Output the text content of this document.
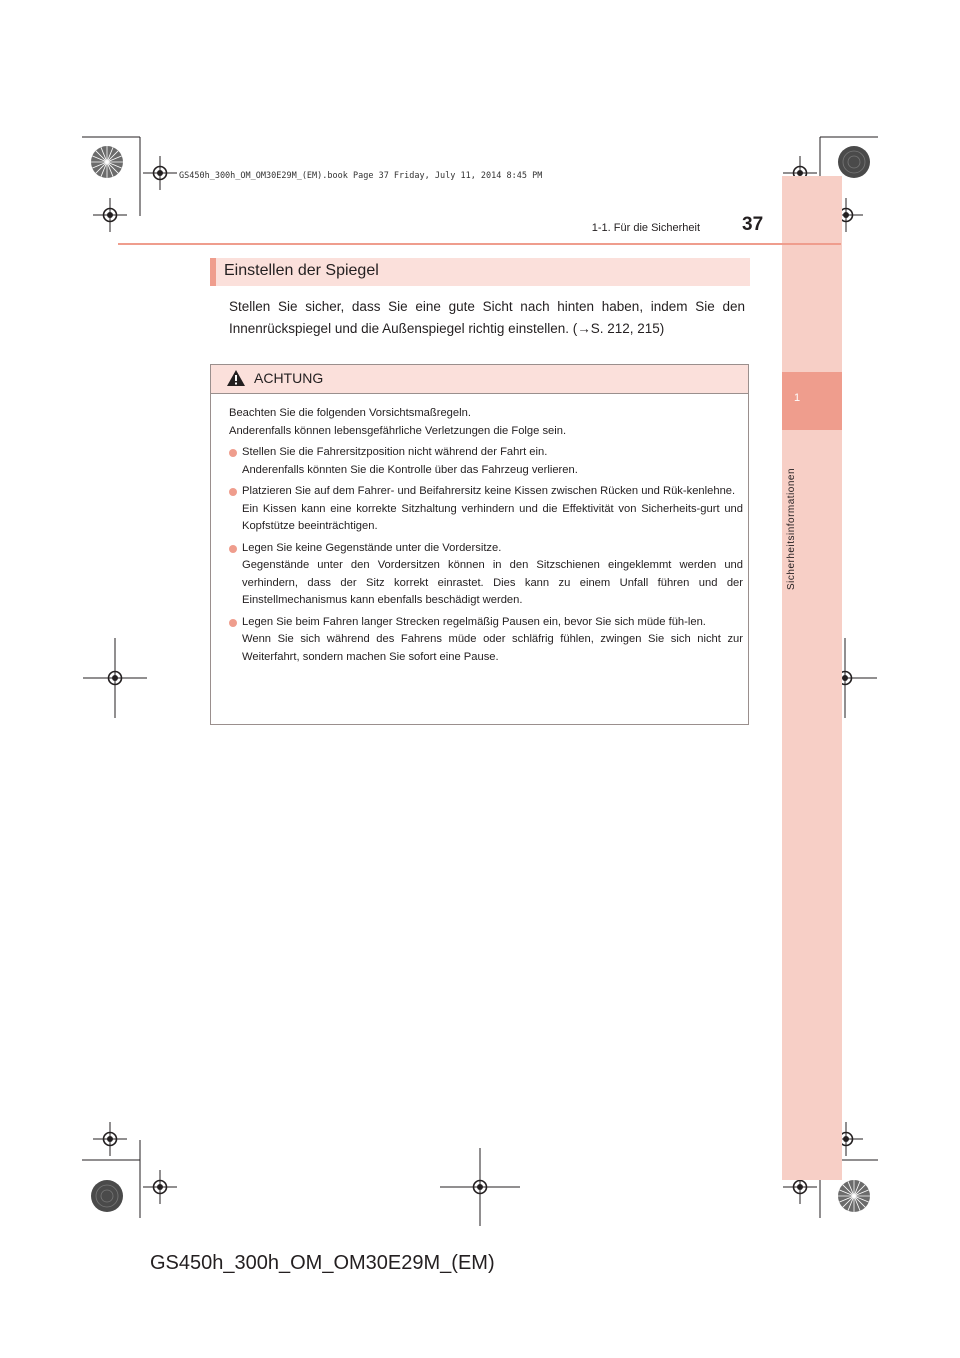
GS450h_300h_OM_OM30E29M_(EM).book Page 37 Friday, July 11, 2014 8:45 PM
1
Sicherheitsinformationen
1-1. Für die Sicherheit 37
Einstellen der Spiegel
Stellen Sie sicher, dass Sie eine gute Sicht nach hinten haben, indem Sie den Innenrückspiegel und die Außenspiegel richtig einstellen. (→S. 212, 215)
ACHTUNG

Beachten Sie die folgenden Vorsichtsmaßregeln.

Anderenfalls können lebensgefährliche Verletzungen die Folge sein.

Stellen Sie die Fahrersitzposition nicht während der Fahrt ein.

Anderenfalls könnten Sie die Kontrolle über das Fahrzeug verlieren.

Platzieren Sie auf dem Fahrer- und Beifahrersitz keine Kissen zwischen Rücken und Rük-kenlehne.

Ein Kissen kann eine korrekte Sitzhaltung verhindern und die Effektivität von Sicherheits-gurt und Kopfstütze beeinträchtigen.

Legen Sie keine Gegenstände unter die Vordersitze.

Gegenstände unter den Vordersitzen können in den Sitzschienen eingeklemmt werden und verhindern, dass der Sitz korrekt einrastet. Dies kann zu einem Unfall führen und der Einstellmechanismus kann ebenfalls beschädigt werden.

Legen Sie beim Fahren langer Strecken regelmäßig Pausen ein, bevor Sie sich müde füh-len.

Wenn Sie sich während des Fahrens müde oder schläfrig fühlen, zwingen Sie sich nicht zur Weiterfahrt, sondern machen Sie sofort eine Pause.

GS450h_300h_OM_OM30E29M_(EM)
